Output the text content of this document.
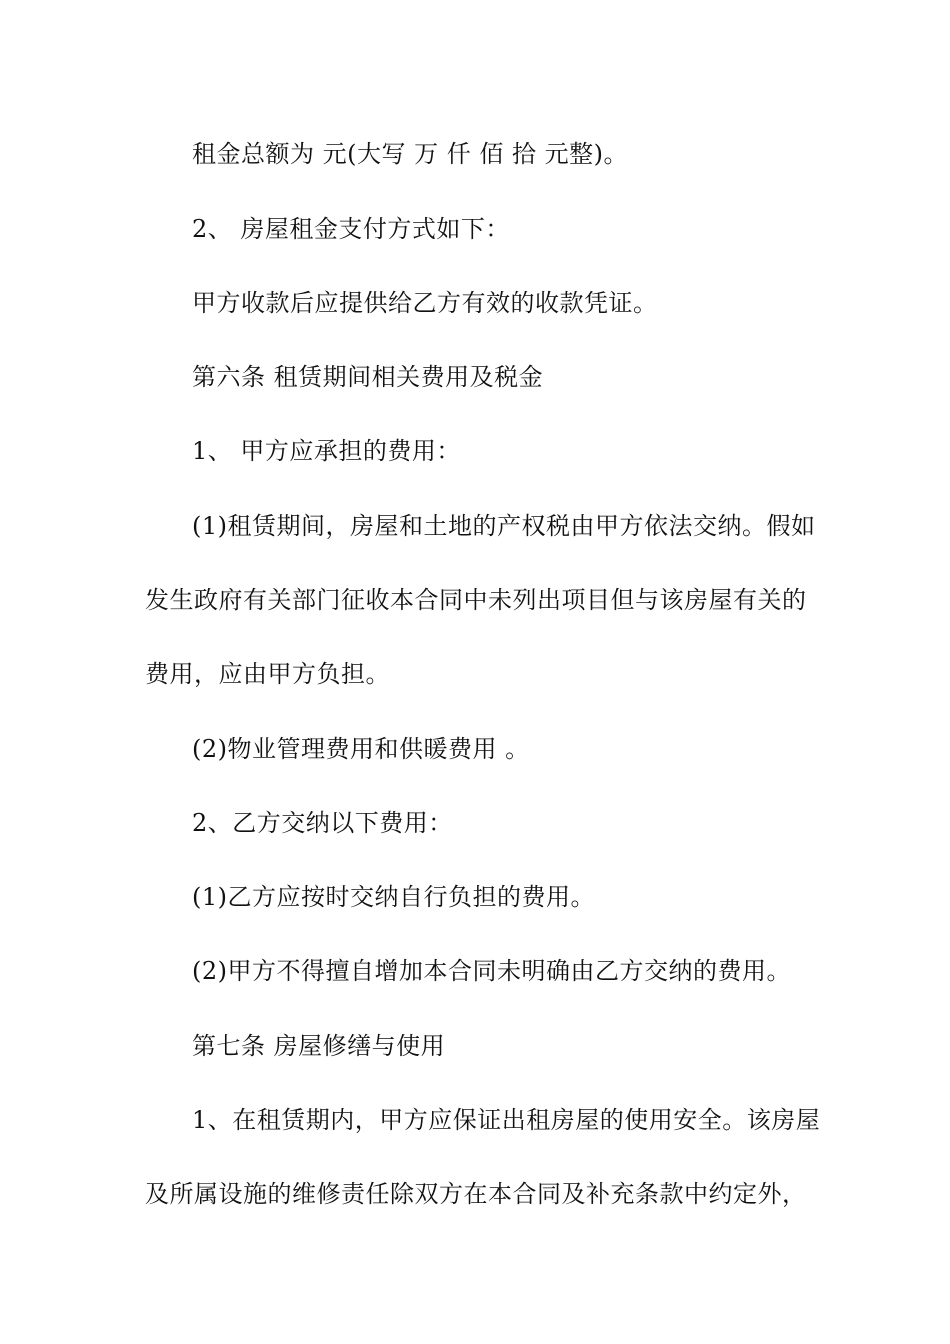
租金总额为 元(大写 万 仟 佰 拾 元整)。
2、 房屋租金支付方式如下：
甲方收款后应提供给乙方有效的收款凭证。
第六条 租赁期间相关费用及税金
1、 甲方应承担的费用：
(1)租赁期间，房屋和土地的产权税由甲方依法交纳。假如
发生政府有关部门征收本合同中未列出项目但与该房屋有关的
费用，应由甲方负担。
(2)物业管理费用和供暖费用 。
2、乙方交纳以下费用：
(1)乙方应按时交纳自行负担的费用。
(2)甲方不得擅自增加本合同未明确由乙方交纳的费用。
第七条 房屋修缮与使用
1、在租赁期内，甲方应保证出租房屋的使用安全。该房屋
及所属设施的维修责任除双方在本合同及补充条款中约定外，
